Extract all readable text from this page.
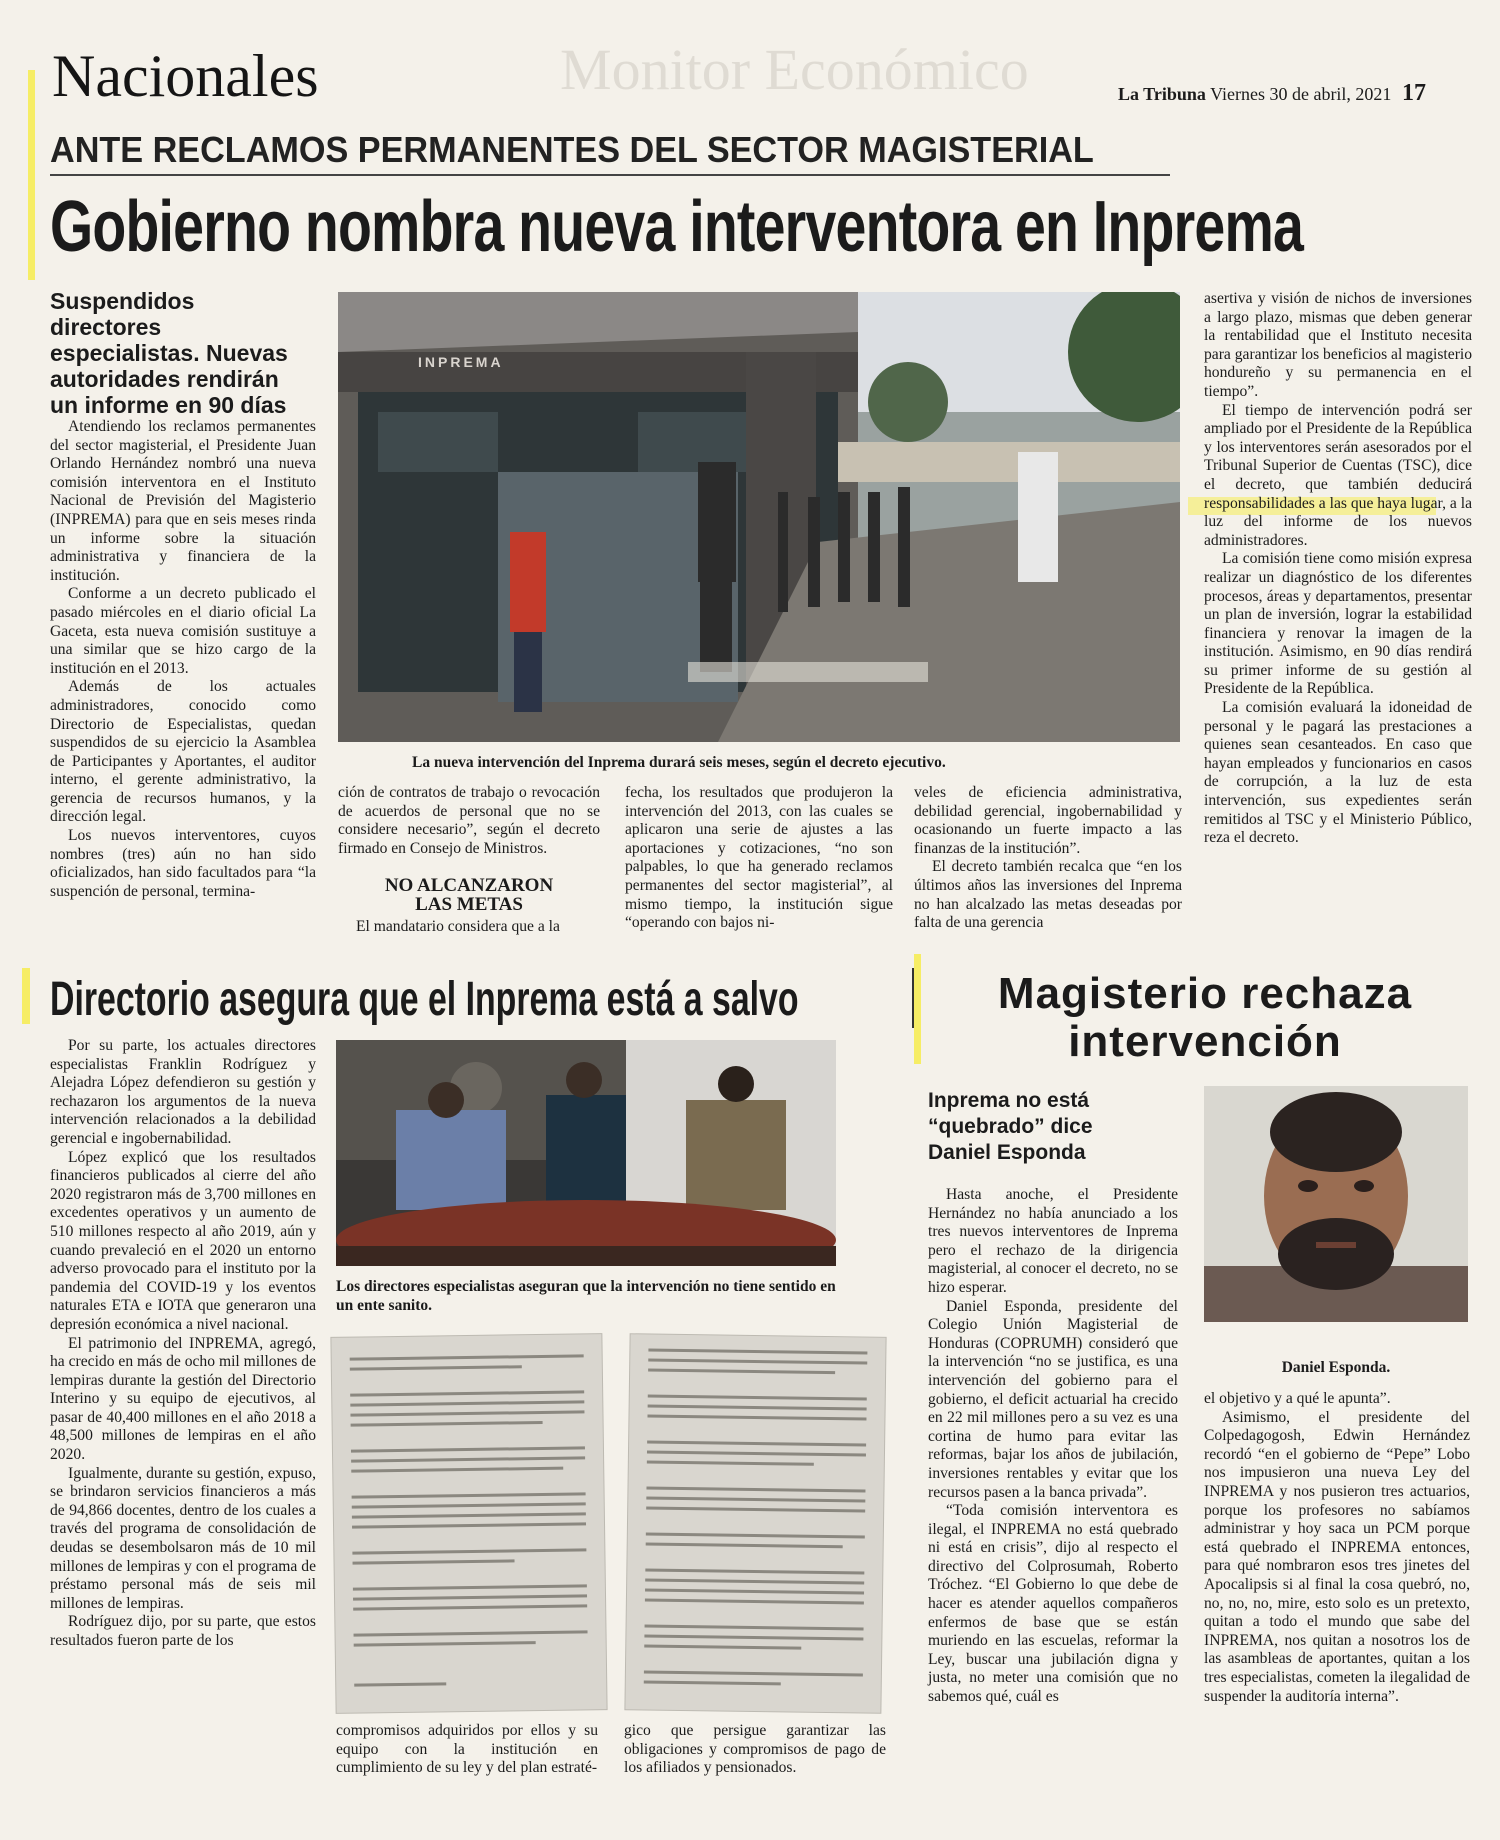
Monitor Económico
Nacionales	La Tribuna Viernes 30 de abril, 2021 17
ANTE RECLAMOS PERMANENTES DEL SECTOR MAGISTERIAL
Gobierno nombra nueva interventora en Inprema
Suspendidos directores especialistas. Nuevas autoridades rendirán un informe en 90 días

Atendiendo los reclamos permanentes del sector magisterial, el Presidente Juan Orlando Hernández nombró una nueva comisión interventora en el Instituto Nacional de Previsión del Magisterio (INPREMA) para que en seis meses rinda un informe sobre la situación administrativa y financiera de la institución.

Conforme a un decreto publicado el pasado miércoles en el diario oficial La Gaceta, esta nueva comisión sustituye a una similar que se hizo cargo de la institución en el 2013.

Además de los actuales administradores, conocido como Directorio de Especialistas, quedan suspendidos de su ejercicio la Asamblea de Participantes y Aportantes, el auditor interno, el gerente administrativo, la gerencia de recursos humanos, y la dirección legal.

Los nuevos interventores, cuyos nombres (tres) aún no han sido oficializados, han sido facultados para “la suspención de personal, termina-

INPREMA
La nueva intervención del Inprema durará seis meses, según el decreto ejecutivo.

ción de contratos de trabajo o revocación de acuerdos de personal que no se considere necesario”, según el decreto firmado en Consejo de Ministros.

NO ALCANZARON LAS METAS

El mandatario considera que a la

fecha, los resultados que produjeron la intervención del 2013, con las cuales se aplicaron una serie de ajustes a las aportaciones y cotizaciones, “no son palpables, lo que ha generado reclamos permanentes del sector magisterial”, al mismo tiempo, la institución sigue “operando con bajos ni-

veles de eficiencia administrativa, debilidad gerencial, ingobernabilidad y ocasionando un fuerte impacto a las finanzas de la institución”.

El decreto también recalca que “en los últimos años las inversiones del Inprema no han alcalzado las metas deseadas por falta de una gerencia

asertiva y visión de nichos de inversiones a largo plazo, mismas que deben generar la rentabilidad que el Instituto necesita para garantizar los beneficios al magisterio hondureño y su permanencia en el tiempo”.

El tiempo de intervención podrá ser ampliado por el Presidente de la República y los interventores serán asesorados por el Tribunal Superior de Cuentas (TSC), dice el decreto, que también deducirá responsabilidades a las que haya lugar, a la luz del informe de los nuevos administradores.

La comisión tiene como misión expresa realizar un diagnóstico de los diferentes procesos, áreas y departamentos, presentar un plan de inversión, lograr la estabilidad financiera y renovar la imagen de la institución. Asimismo, en 90 días rendirá su primer informe de su gestión al Presidente de la República.

La comisión evaluará la idoneidad de personal y le pagará las prestaciones a quienes sean cesanteados. En caso que hayan empleados y funcionarios en casos de corrupción, a la luz de esta intervención, sus expedientes serán remitidos al TSC y el Ministerio Público, reza el decreto.

Directorio asegura que el Inprema está a salvo

Por su parte, los actuales directores especialistas Franklin Rodríguez y Alejadra López defendieron su gestión y rechazaron los argumentos de la nueva intervención relacionados a la debilidad gerencial e ingobernabilidad.

López explicó que los resultados financieros publicados al cierre del año 2020 registraron más de 3,700 millones en excedentes operativos y un aumento de 510 millones respecto al año 2019, aún y cuando prevaleció en el 2020 un entorno adverso provocado para el instituto por la pandemia del COVID-19 y los eventos naturales ETA e IOTA que generaron una depresión económica a nivel nacional.

El patrimonio del INPREMA, agregó, ha crecido en más de ocho mil millones de lempiras durante la gestión del Directorio Interino y su equipo de ejecutivos, al pasar de 40,400 millones en el año 2018 a 48,500 millones de lempiras en el año 2020.

Igualmente, durante su gestión, expuso, se brindaron servicios financieros a más de 94,866 docentes, dentro de los cuales a través del programa de consolidación de deudas se desembolsaron más de 10 mil millones de lempiras y con el programa de préstamo personal más de seis mil millones de lempiras.

Rodríguez dijo, por su parte, que estos resultados fueron parte de los

Los directores especialistas aseguran que la intervención no tiene sentido en un ente sanito.

compromisos adquiridos por ellos y su equipo con la institución en cumplimiento de su ley y del plan estraté-

gico que persigue garantizar las obligaciones y compromisos de pago de los afiliados y pensionados.

Magisterio rechaza
intervención
Inprema no está “quebrado” dice Daniel Esponda

Hasta anoche, el Presidente Hernández no había anunciado a los tres nuevos interventores de Inprema pero el rechazo de la dirigencia magisterial, al conocer el decreto, no se hizo esperar.

Daniel Esponda, presidente del Colegio Unión Magisterial de Honduras (COPRUMH) consideró que la intervención “no se justifica, es una intervención del gobierno para el gobierno, el deficit actuarial ha crecido en 22 mil millones pero a su vez es una cortina de humo para evitar las reformas, bajar los años de jubilación, inversiones rentables y evitar que los recursos pasen a la banca privada”.

“Toda comisión interventora es ilegal, el INPREMA no está quebrado ni está en crisis”, dijo al respecto el directivo del Colprosumah, Roberto Tróchez. “El Gobierno lo que debe de hacer es atender aquellos compañeros enfermos de base que se están muriendo en las escuelas, reformar la Ley, buscar una jubilación digna y justa, no meter una comisión que no sabemos qué, cuál es

Daniel Esponda.

el objetivo y a qué le apunta”.

Asimismo, el presidente del Colpedagogosh, Edwin Hernández recordó “en el gobierno de “Pepe” Lobo nos impusieron una nueva Ley del INPREMA y nos pusieron tres actuarios, porque los profesores no sabíamos administrar y hoy saca un PCM porque está quebrado el INPREMA entonces, para qué nombraron esos tres jinetes del Apocalipsis si al final la cosa quebró, no, no, no, no, mire, esto solo es un pretexto, quitan a todo el mundo que sabe del INPREMA, nos quitan a nosotros los de las asambleas de aportantes, quitan a los tres especialistas, cometen la ilegalidad de suspender la auditoría interna”.
